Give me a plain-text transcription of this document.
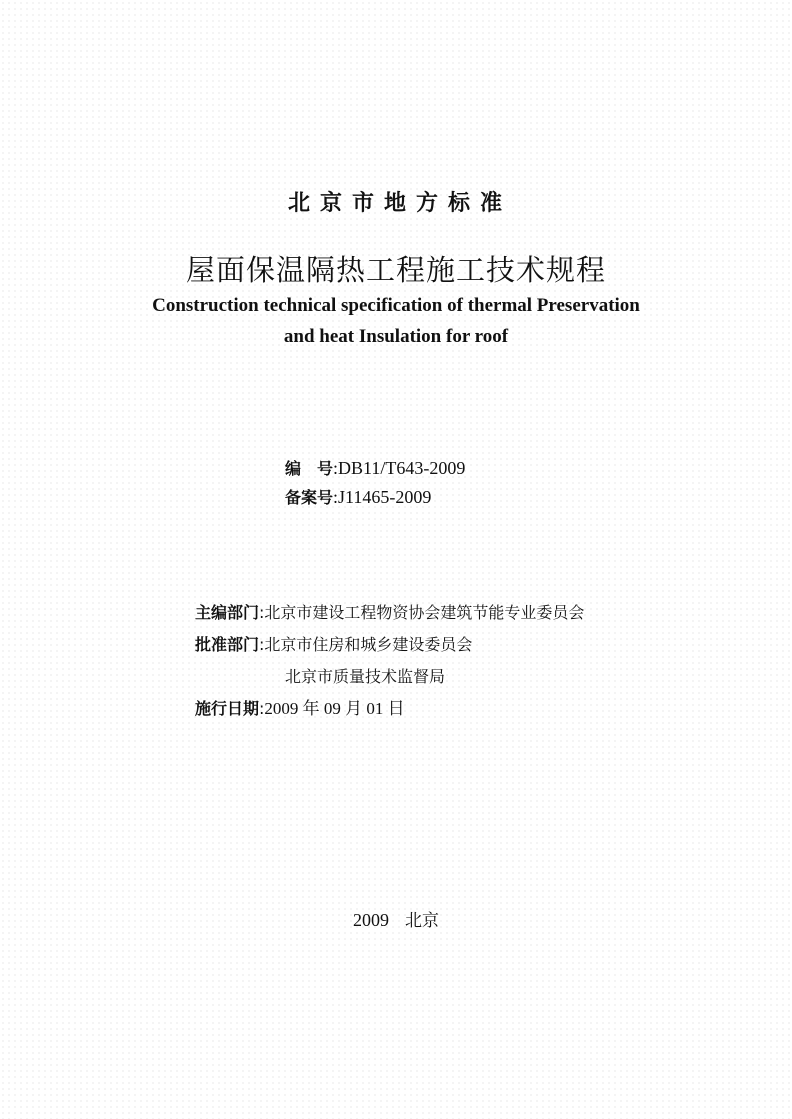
北京市地方标准
屋面保温隔热工程施工技术规程
Construction technical specification of thermal Preservation
and heat Insulation for roof
编　号:DB11/T643-2009
备案号:J11465-2009
主编部门:北京市建设工程物资协会建筑节能专业委员会
批准部门:北京市住房和城乡建设委员会
北京市质量技术监督局
施行日期:2009 年 09 月 01 日
2009 北京
